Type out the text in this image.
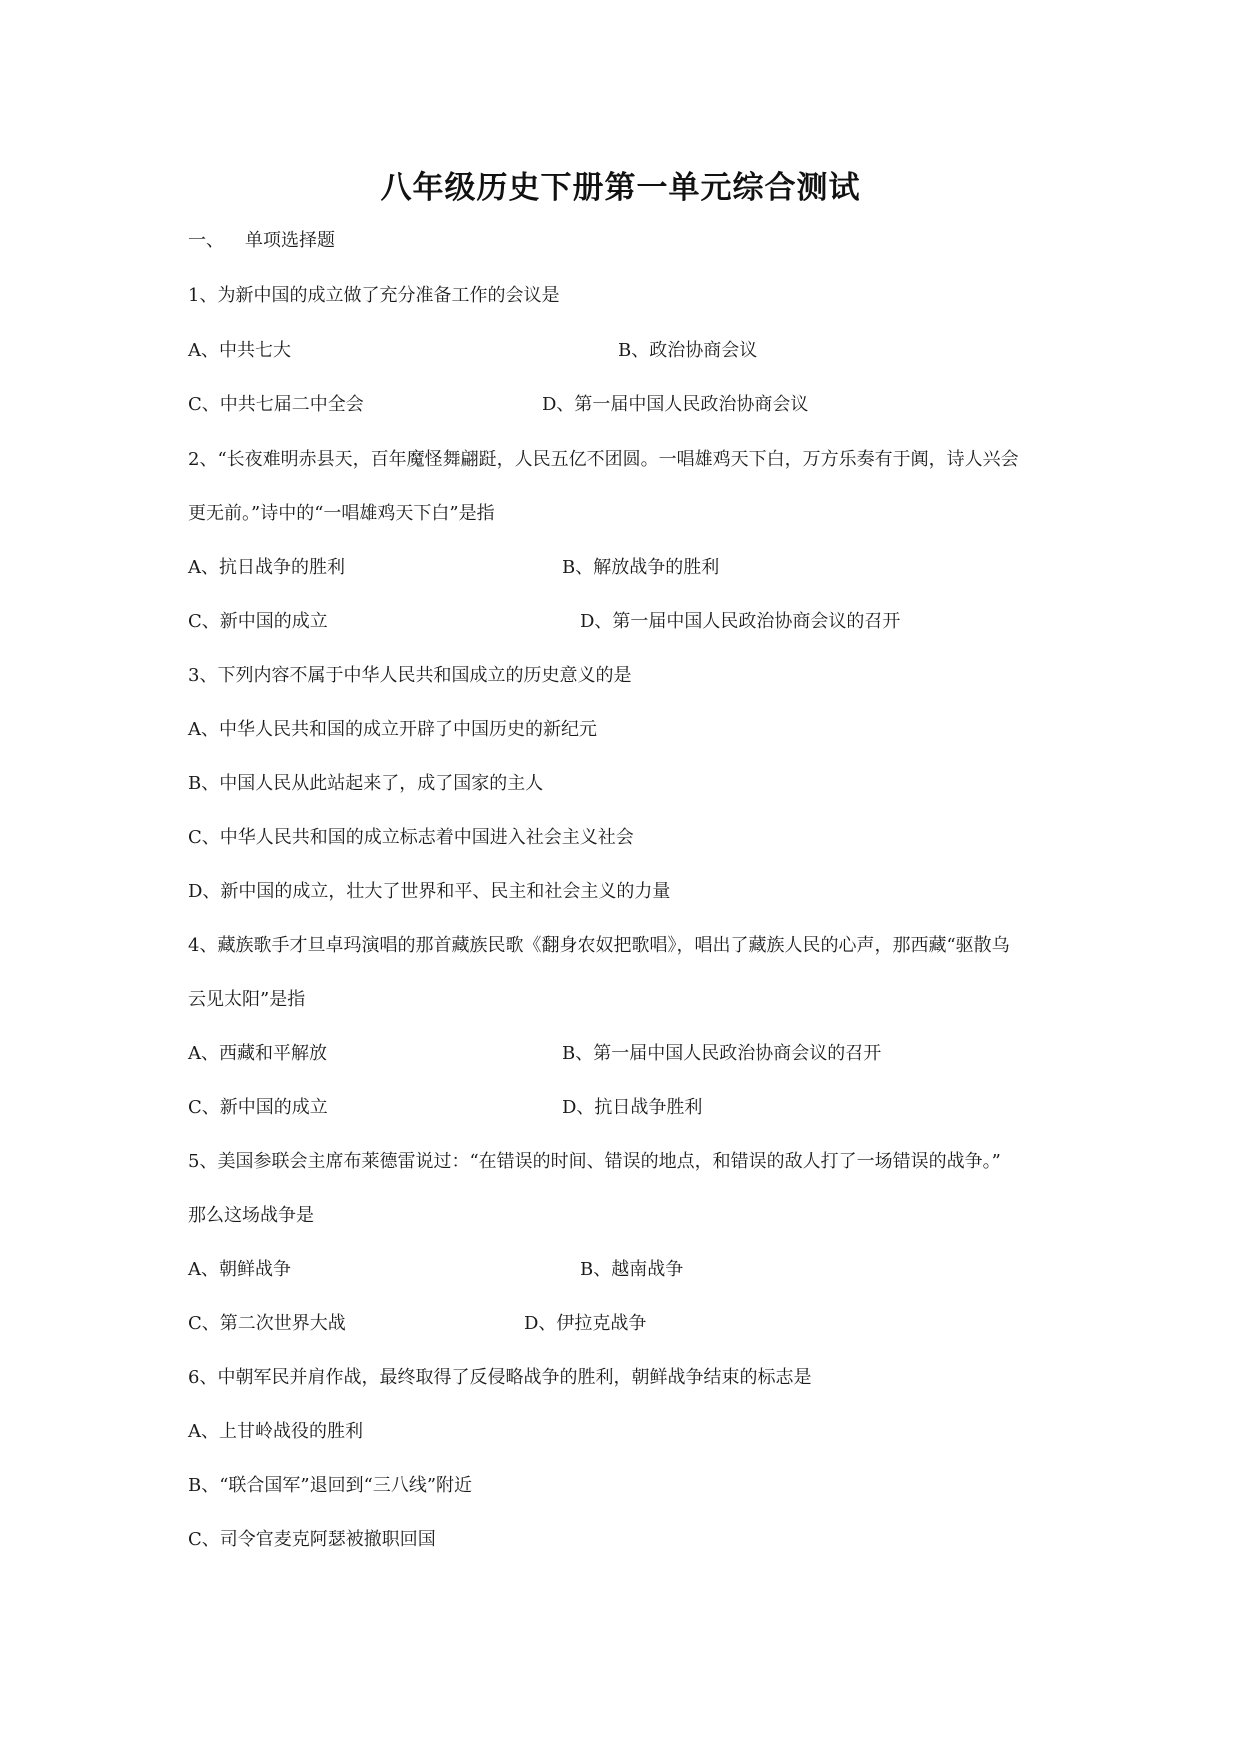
八年级历史下册第一单元综合测试
一、 单项选择题
1、为新中国的成立做了充分准备工作的会议是
A、中共七大	B、政治协商会议
C、中共七届二中全会	D、第一届中国人民政治协商会议
2、“长夜难明赤县天，百年魔怪舞翩跹，人民五亿不团圆。一唱雄鸡天下白，万方乐奏有于阗，诗人兴会
更无前。”诗中的“一唱雄鸡天下白”是指
A、抗日战争的胜利	B、解放战争的胜利
C、新中国的成立	D、第一届中国人民政治协商会议的召开
3、下列内容不属于中华人民共和国成立的历史意义的是
A、中华人民共和国的成立开辟了中国历史的新纪元
B、中国人民从此站起来了，成了国家的主人
C、中华人民共和国的成立标志着中国进入社会主义社会
D、新中国的成立，壮大了世界和平、民主和社会主义的力量
4、藏族歌手才旦卓玛演唱的那首藏族民歌《翻身农奴把歌唱》，唱出了藏族人民的心声，那西藏“驱散乌
云见太阳”是指
A、西藏和平解放	B、第一届中国人民政治协商会议的召开
C、新中国的成立	D、抗日战争胜利
5、美国参联会主席布莱德雷说过：“在错误的时间、错误的地点，和错误的敌人打了一场错误的战争。”
那么这场战争是
A、朝鲜战争	B、越南战争
C、第二次世界大战	D、伊拉克战争
6、中朝军民并肩作战，最终取得了反侵略战争的胜利，朝鲜战争结束的标志是
A、上甘岭战役的胜利
B、“联合国军”退回到“三八线”附近
C、司令官麦克阿瑟被撤职回国
